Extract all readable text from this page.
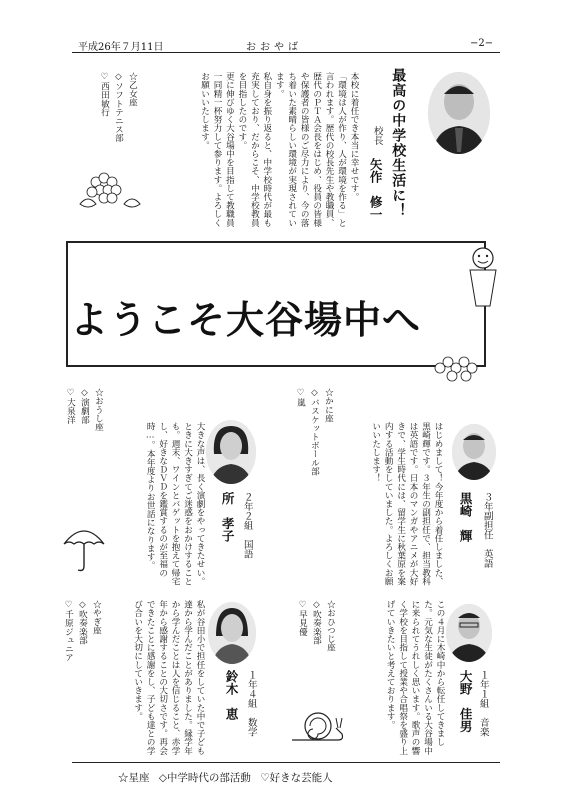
平成26年７月11日	おおやば	−2−
最高の中学校生活に！
校長
矢作　修一
本校に着任でき本当に幸せです。
「環境は人が作り、人が環境を作る」と言われます。歴代の校長先生や教職員、歴代のＰＴＡ会長をはじめ、役員の皆様や保護者の皆様のご尽力により、今の落ち着いた素晴らしい環境が実現されています。
私自身を振り返ると、中学校時代が最も充実しており、だからこそ、中学校教員を目指したのです。
更に伸びゆく大谷場中を目指して教職員一同精一杯努力して参ります。よろしくお願いいたします。
☆乙女座
◇ソフトテニス部
♡西田敏行
ようこそ大谷場中へ
３年副担任　英語
黒崎　輝
はじめまして！今年度から着任しました、黒崎輝です。３年生の副担任で、担当教科は英語です。日本のマンガやアニメが大好きで、学生時代には、留学生に秋葉原を案内する活動をしていました。よろしくお願いいたします！
☆かに座
◇バスケットボール部
♡嵐
１年１組　音楽
大野　佳男
この４月に木崎中から転任してきました。元気な生徒がたくさんいる大谷場中に来られてうれしく思います。歌声の響く学校を目指して授業や合唱祭を盛り上げていきたいと考えております。
☆おひつじ座
◇吹奏楽部
♡早見優
２年２組　国語
所　孝子
大きな声は、長く演劇をやってきたせい。ときに大きすぎてご迷惑をおかけすることも。週末、ワインとバゲットを抱えて帰宅し、好きなＤＶＤを鑑賞するのが至福の時…。本年度よりお世話になります。
☆おうし座
◇演劇部
♡大泉洋
１年４組　数学
鈴木　恵
私が谷田小で担任をしていた中で子ども達から学んだことがありました。縁学年から学んだことは人を信じること、赤学年から感謝することの大切さです。再会できたことに感謝をし、子ども達との学び合いを大切にしていきます。
☆やぎ座
◇吹奏楽部
♡千原ジュニア
☆星座 ◇中学時代の部活動 ♡好きな芸能人
